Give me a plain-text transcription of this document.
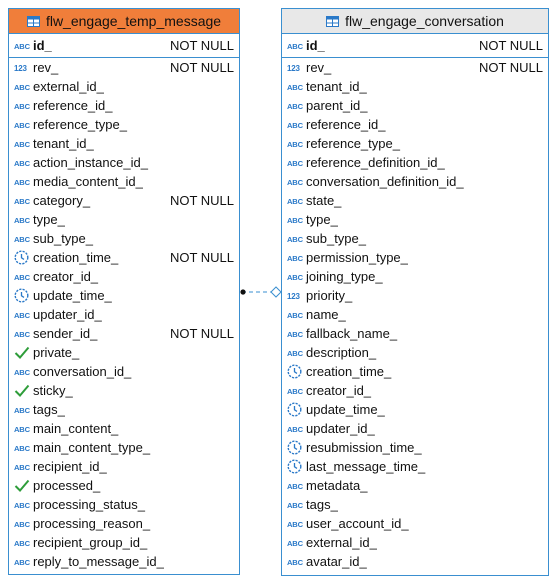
flw_engage_temp_message
ABC id_	NOT NULL
123 rev_	NOT NULL
ABC external_id_
ABC reference_id_
ABC reference_type_
ABC tenant_id_
ABC action_instance_id_
ABC media_content_id_
ABC category_	NOT NULL
ABC type_
ABC sub_type_
creation_time_	NOT NULL
ABC creator_id_
update_time_
ABC updater_id_
ABC sender_id_	NOT NULL
private_
ABC conversation_id_
sticky_
ABC tags_
ABC main_content_
ABC main_content_type_
ABC recipient_id_
processed_
ABC processing_status_
ABC processing_reason_
ABC recipient_group_id_
ABC reply_to_message_id_
flw_engage_conversation
ABC id_	NOT NULL
123 rev_	NOT NULL
ABC tenant_id_
ABC parent_id_
ABC reference_id_
ABC reference_type_
ABC reference_definition_id_
ABC conversation_definition_id_
ABC state_
ABC type_
ABC sub_type_
ABC permission_type_
ABC joining_type_
123 priority_
ABC name_
ABC fallback_name_
ABC description_
creation_time_
ABC creator_id_
update_time_
ABC updater_id_
resubmission_time_
last_message_time_
ABC metadata_
ABC tags_
ABC user_account_id_
ABC external_id_
ABC avatar_id_
